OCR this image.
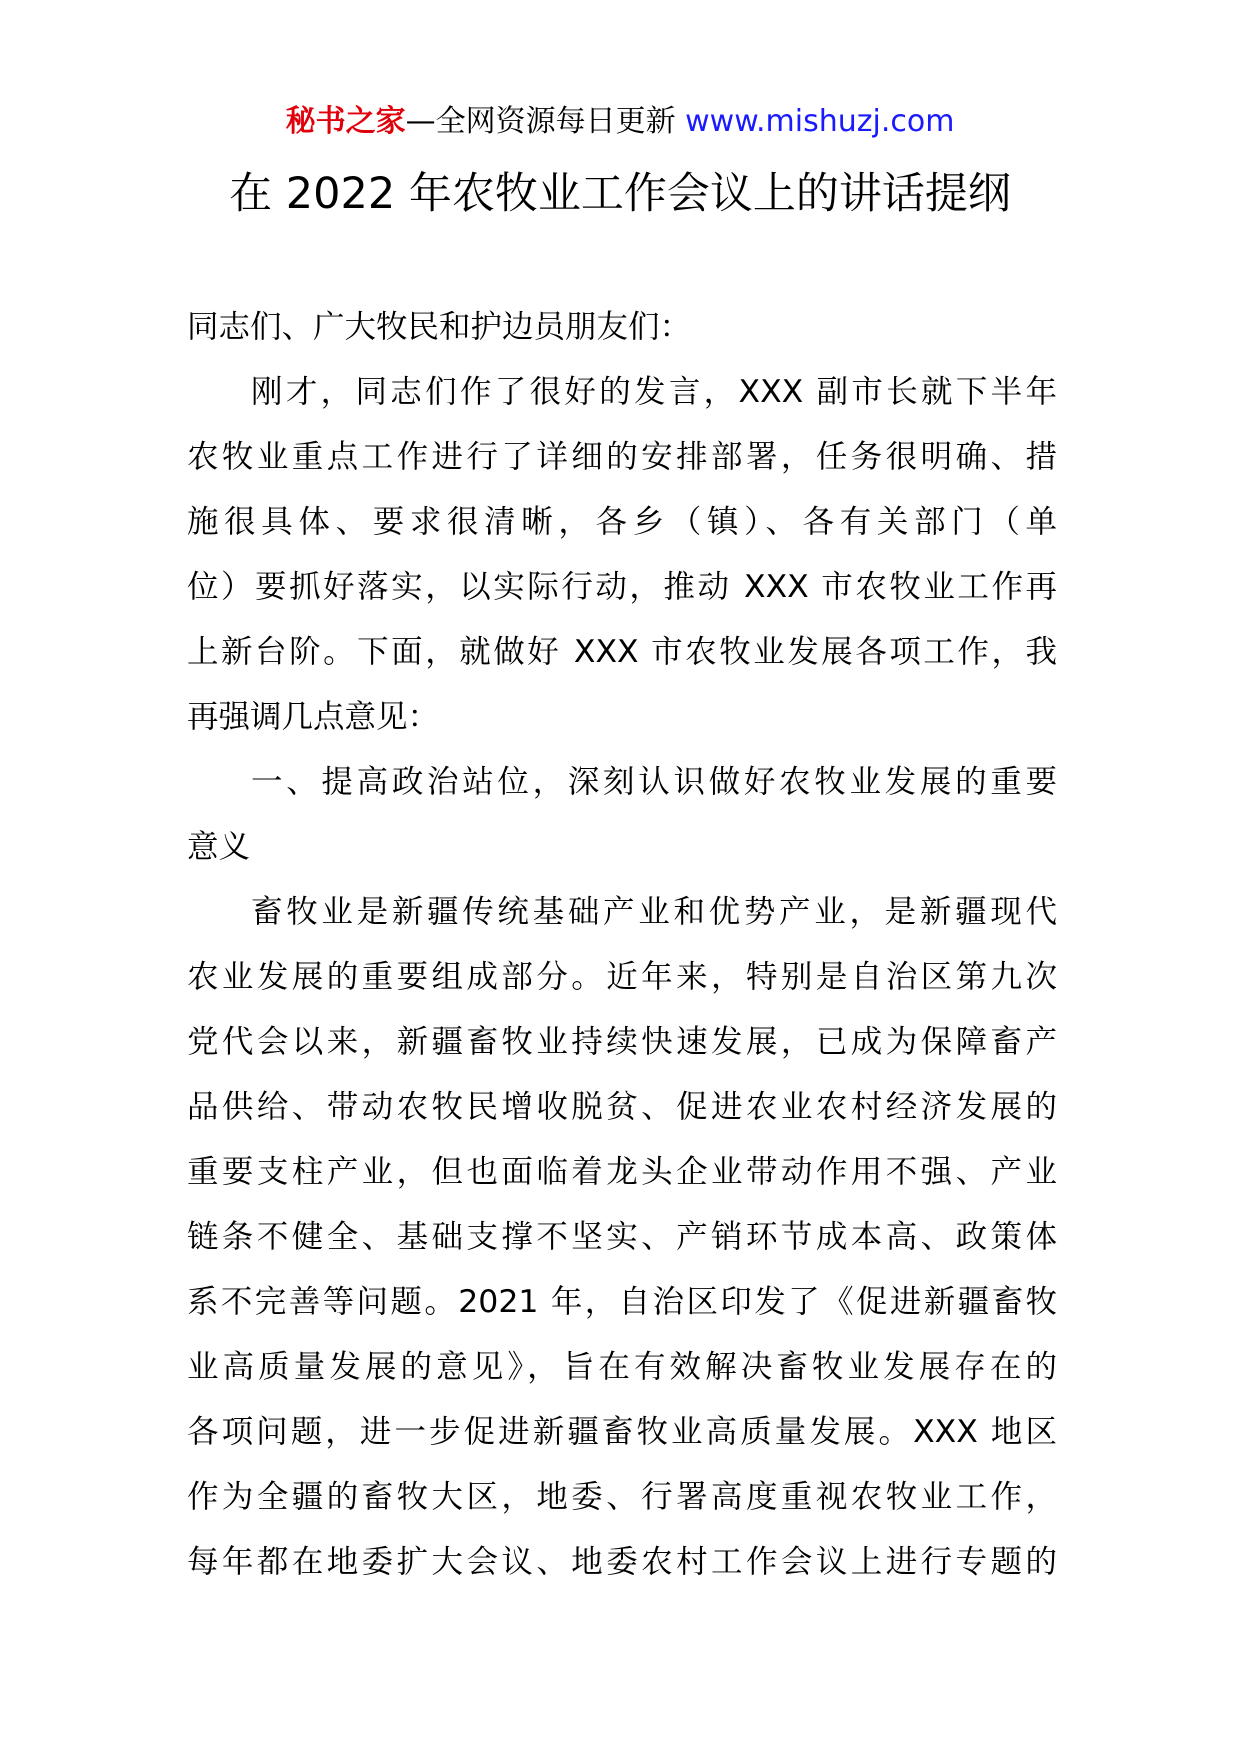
秘书之家—全网资源每日更新 www.mishuzj.com
在 2022 年农牧业工作会议上的讲话提纲
同志们、广大牧民和护边员朋友们：
刚才，同志们作了很好的发言，XXX 副市长就下半年
农牧业重点工作进行了详细的安排部署，任务很明确、措
施很具体、要求很清晰，各乡（镇）、各有关部门（单
位）要抓好落实，以实际行动，推动 XXX 市农牧业工作再
上新台阶。下面，就做好 XXX 市农牧业发展各项工作，我
再强调几点意见：
一、提高政治站位，深刻认识做好农牧业发展的重要
意义
畜牧业是新疆传统基础产业和优势产业，是新疆现代
农业发展的重要组成部分。近年来，特别是自治区第九次
党代会以来，新疆畜牧业持续快速发展，已成为保障畜产
品供给、带动农牧民增收脱贫、促进农业农村经济发展的
重要支柱产业，但也面临着龙头企业带动作用不强、产业
链条不健全、基础支撑不坚实、产销环节成本高、政策体
系不完善等问题。2021 年，自治区印发了《促进新疆畜牧
业高质量发展的意见》，旨在有效解决畜牧业发展存在的
各项问题，进一步促进新疆畜牧业高质量发展。XXX 地区
作为全疆的畜牧大区，地委、行署高度重视农牧业工作，
每年都在地委扩大会议、地委农村工作会议上进行专题的
